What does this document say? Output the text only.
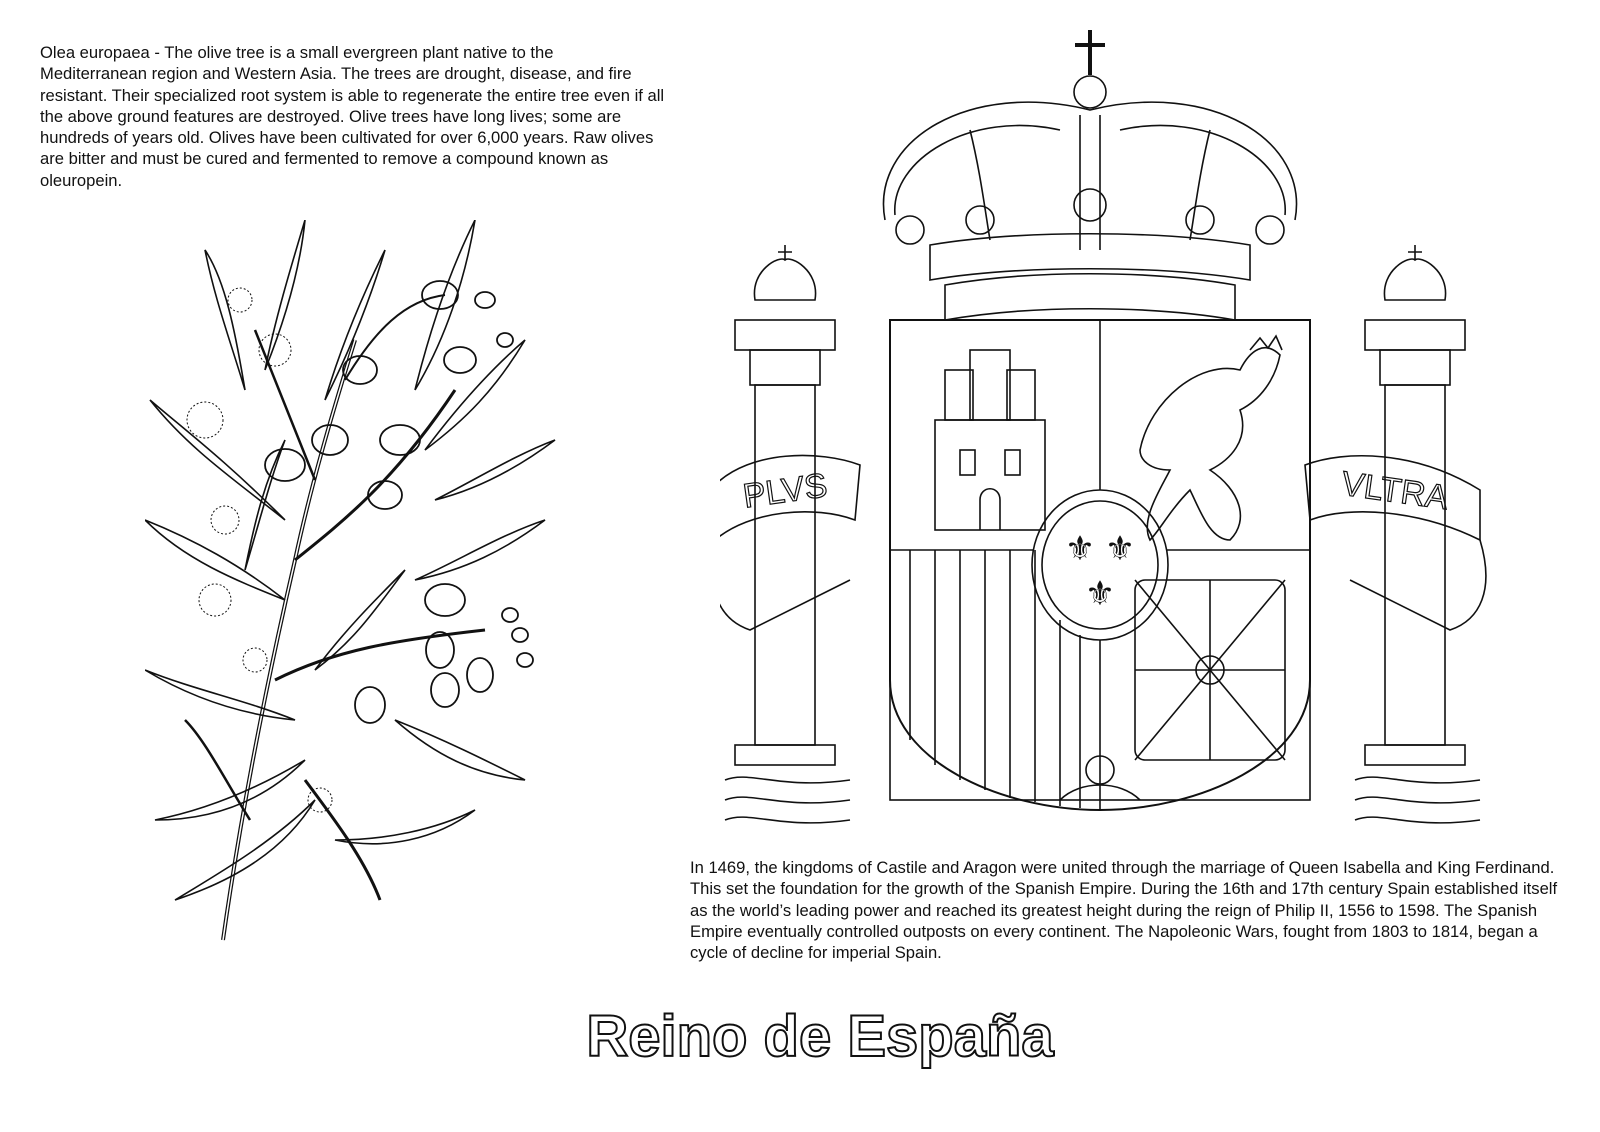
Olea europaea - The olive tree is a small evergreen plant native to the Mediterranean region and Western Asia. The trees are drought, disease, and fire resistant. Their specialized root system is able to regenerate the entire tree even if all the above ground features are destroyed. Olive trees have long lives; some are hundreds of years old. Olives have been cultivated for over 6,000 years. Raw olives are bitter and must be cured and fermented to remove a compound known as oleuropein.

⚜ ⚜
⚜
PLVS	VLTRA

In 1469, the kingdoms of Castile and Aragon were united through the marriage of Queen Isabella and King Ferdinand. This set the foundation for the growth of the Spanish Empire. During the 16th and 17th century Spain established itself as the world’s leading power and reached its greatest height during the reign of Philip II, 1556 to 1598. The Spanish Empire eventually controlled outposts on every continent. The Napoleonic Wars, fought from 1803 to 1814, began a cycle of decline for imperial Spain.

Reino de España
